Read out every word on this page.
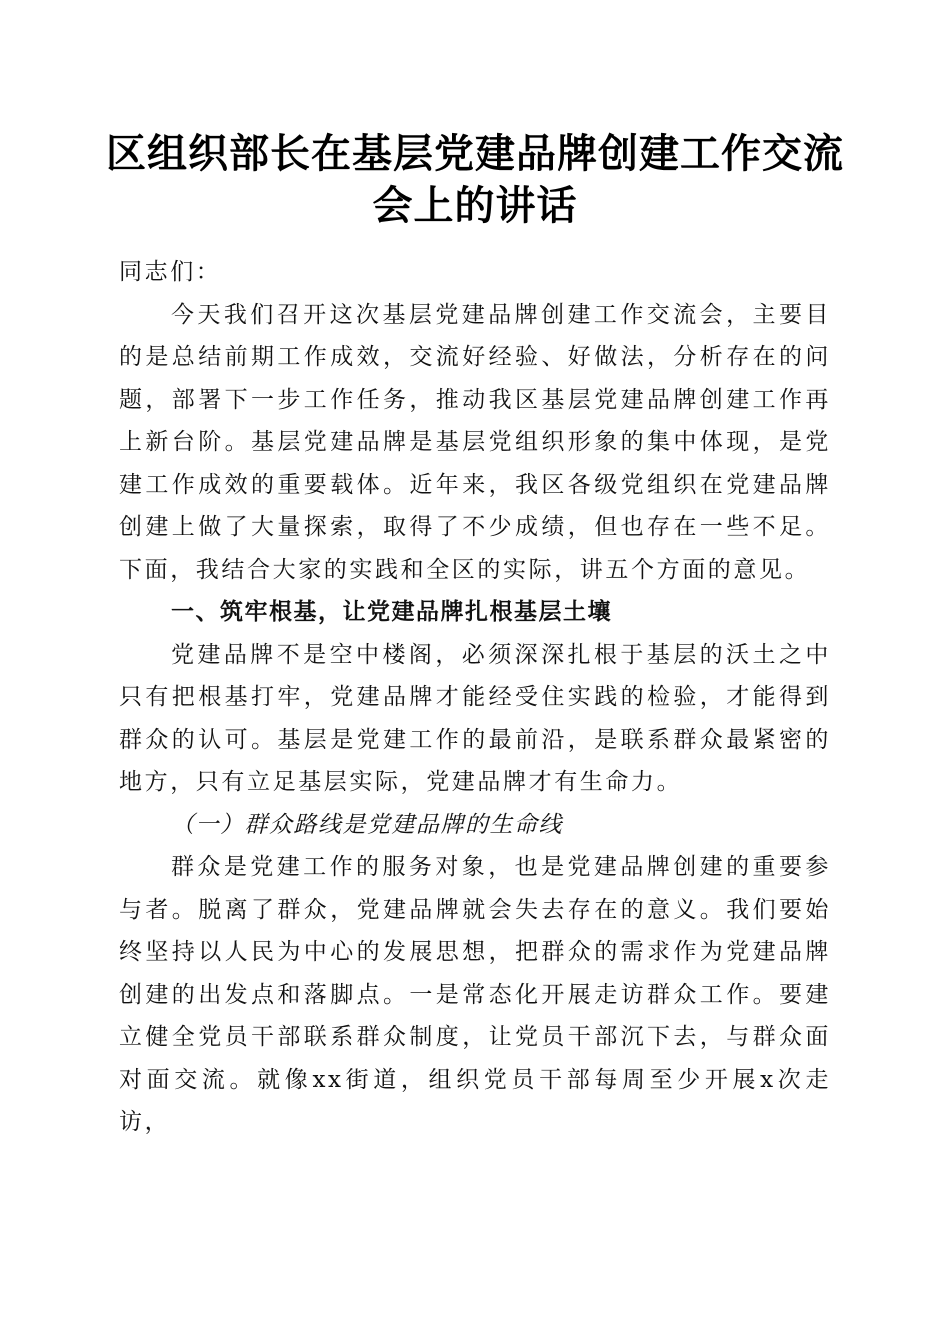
区组织部长在基层党建品牌创建工作交流会上的讲话

同志们：

今天我们召开这次基层党建品牌创建工作交流会，主要目的是总结前期工作成效，交流好经验、好做法，分析存在的问题，部署下一步工作任务，推动我区基层党建品牌创建工作再上新台阶。基层党建品牌是基层党组织形象的集中体现，是党建工作成效的重要载体。近年来，我区各级党组织在党建品牌创建上做了大量探索，取得了不少成绩，但也存在一些不足。下面，我结合大家的实践和全区的实际，讲五个方面的意见。

一、筑牢根基，让党建品牌扎根基层土壤

党建品牌不是空中楼阁，必须深深扎根于基层的沃土之中只有把根基打牢，党建品牌才能经受住实践的检验，才能得到群众的认可。基层是党建工作的最前沿，是联系群众最紧密的地方，只有立足基层实际，党建品牌才有生命力。

（一）群众路线是党建品牌的生命线

群众是党建工作的服务对象，也是党建品牌创建的重要参与者。脱离了群众，党建品牌就会失去存在的意义。我们要始终坚持以人民为中心的发展思想，把群众的需求作为党建品牌创建的出发点和落脚点。一是常态化开展走访群众工作。要建立健全党员干部联系群众制度，让党员干部沉下去，与群众面对面交流。就像xx街道，组织党员干部每周至少开展x次走访，
